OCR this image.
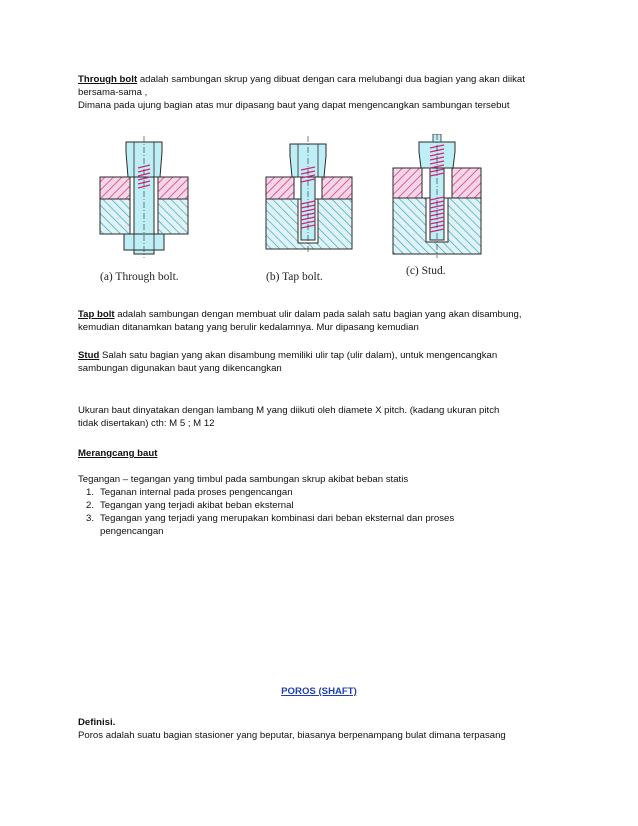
Through bolt adalah sambungan skrup yang dibuat dengan cara melubangi dua bagian yang akan diikat
bersama-sama ,
Dimana pada ujung bagian atas mur dipasang baut yang dapat mengencangkan sambungan tersebut

(a) Through bolt.	(b) Tap bolt.	(c) Stud.

Tap bolt adalah sambungan dengan membuat ulir dalam pada salah satu bagian yang akan disambung,
kemudian ditanamkan batang yang berulir kedalamnya. Mur dipasang kemudian

Stud Salah satu bagian yang akan disambung memiliki ulir tap (ulir dalam), untuk mengencangkan
sambungan digunakan baut yang dikencangkan

Ukuran baut dinyatakan dengan lambang M yang diikuti oleh diamete X pitch. (kadang ukuran pitch
tidak disertakan) cth: M 5 ; M 12

Merangcang baut

Tegangan – tegangan yang timbul pada sambungan skrup akibat beban statis
1. Teganan internal pada proses pengencangan
2. Tegangan yang terjadi akibat beban eksternal
3. Tegangan yang terjadi yang merupakan kombinasi dari beban eksternal dan proses
pengencangan
POROS (SHAFT)

Definisi.
Poros adalah suatu bagian stasioner yang beputar, biasanya berpenampang bulat dimana terpasang
